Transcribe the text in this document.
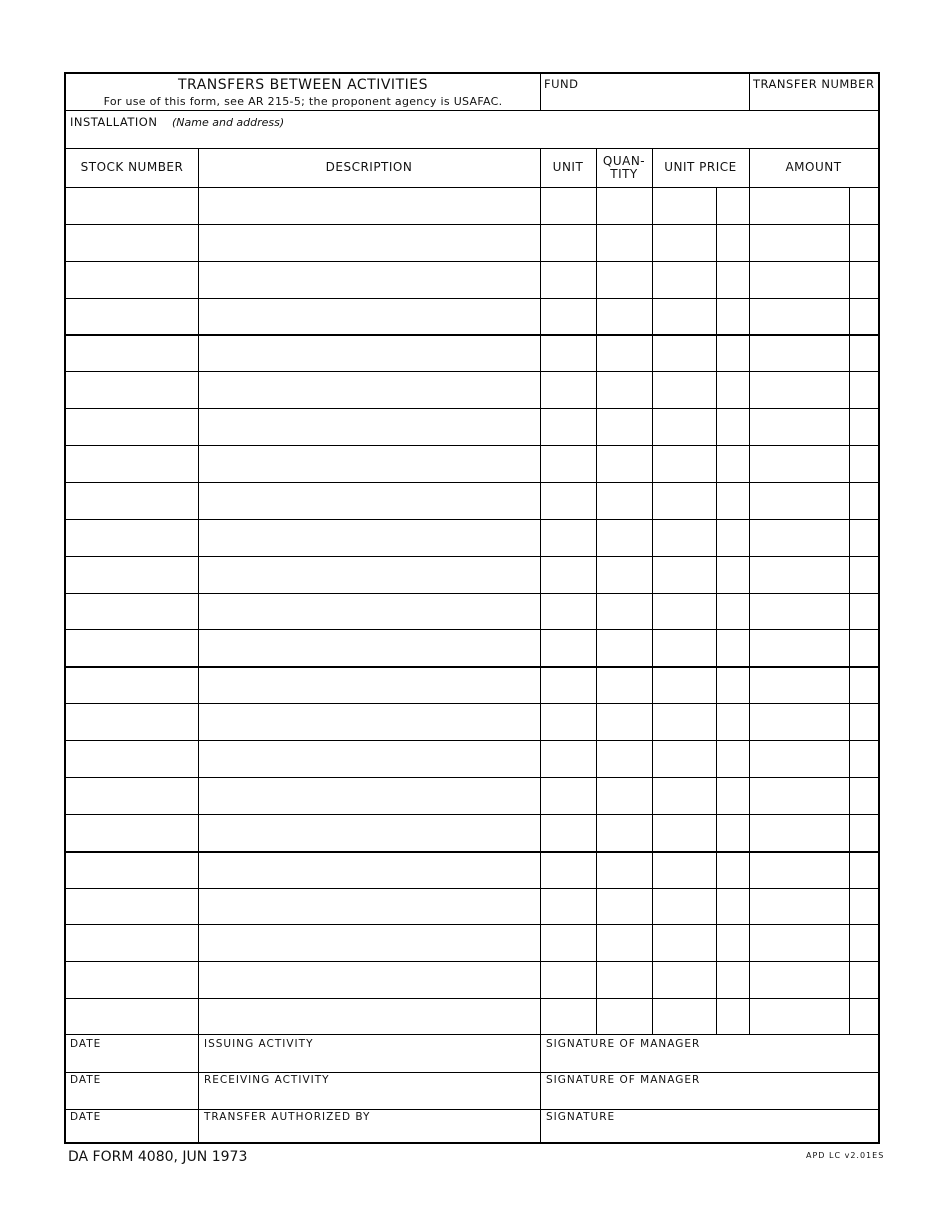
TRANSFERS BETWEEN ACTIVITIES
For use of this form, see AR 215-5; the proponent agency is USAFAC.
FUND	TRANSFER NUMBER
INSTALLATION (Name and address)
STOCK NUMBER	DESCRIPTION	UNIT	QUAN-
TITY	UNIT PRICE	AMOUNT
DATE	ISSUING ACTIVITY	SIGNATURE OF MANAGER
DATE	RECEIVING ACTIVITY	SIGNATURE OF MANAGER
DATE	TRANSFER AUTHORIZED BY	SIGNATURE
DA FORM 4080, JUN 1973	APD LC v2.01ES
